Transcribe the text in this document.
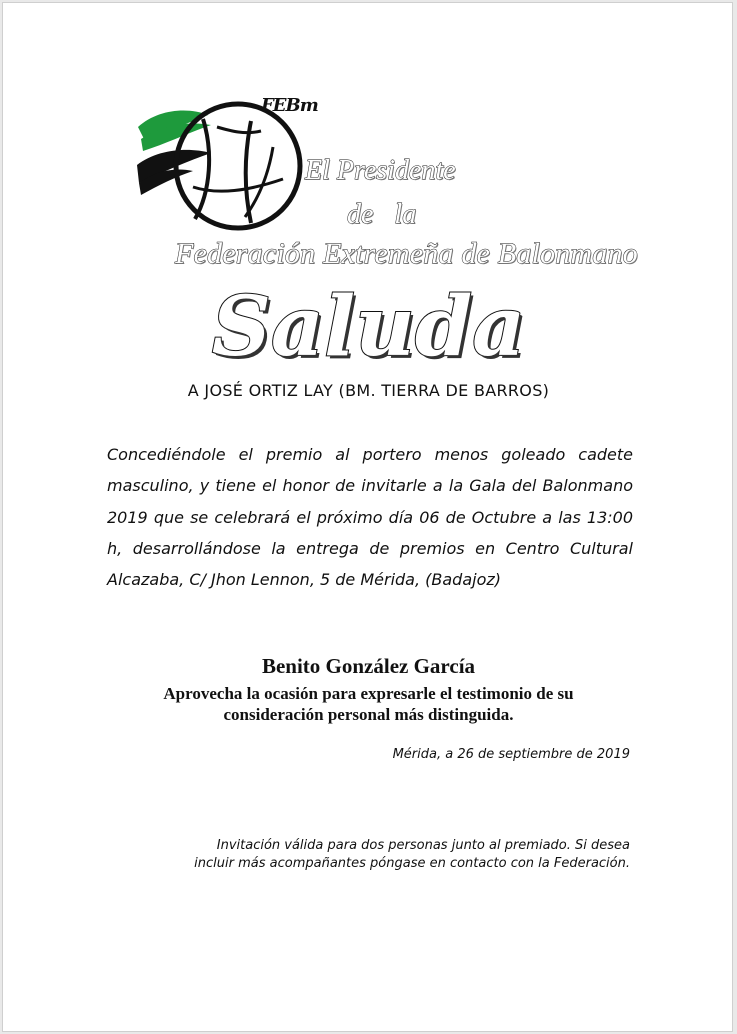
FEBm
El Presidente
de la
Federación Extremeña de Balonmano
Saluda
A JOSÉ ORTIZ LAY (BM. TIERRA DE BARROS)
Concediéndole el premio al portero menos goleado cadete masculino, y tiene el honor de invitarle a la Gala del Balonmano 2019 que se celebrará el próximo día 06 de Octubre a las 13:00 h, desarrollándose la entrega de premios en Centro Cultural Alcazaba, C/ Jhon Lennon, 5 de Mérida, (Badajoz)
Benito González García
Aprovecha la ocasión para expresarle el testimonio de su
consideración personal más distinguida.
Mérida, a 26 de septiembre de 2019
Invitación válida para dos personas junto al premiado. Si desea
incluir más acompañantes póngase en contacto con la Federación.
